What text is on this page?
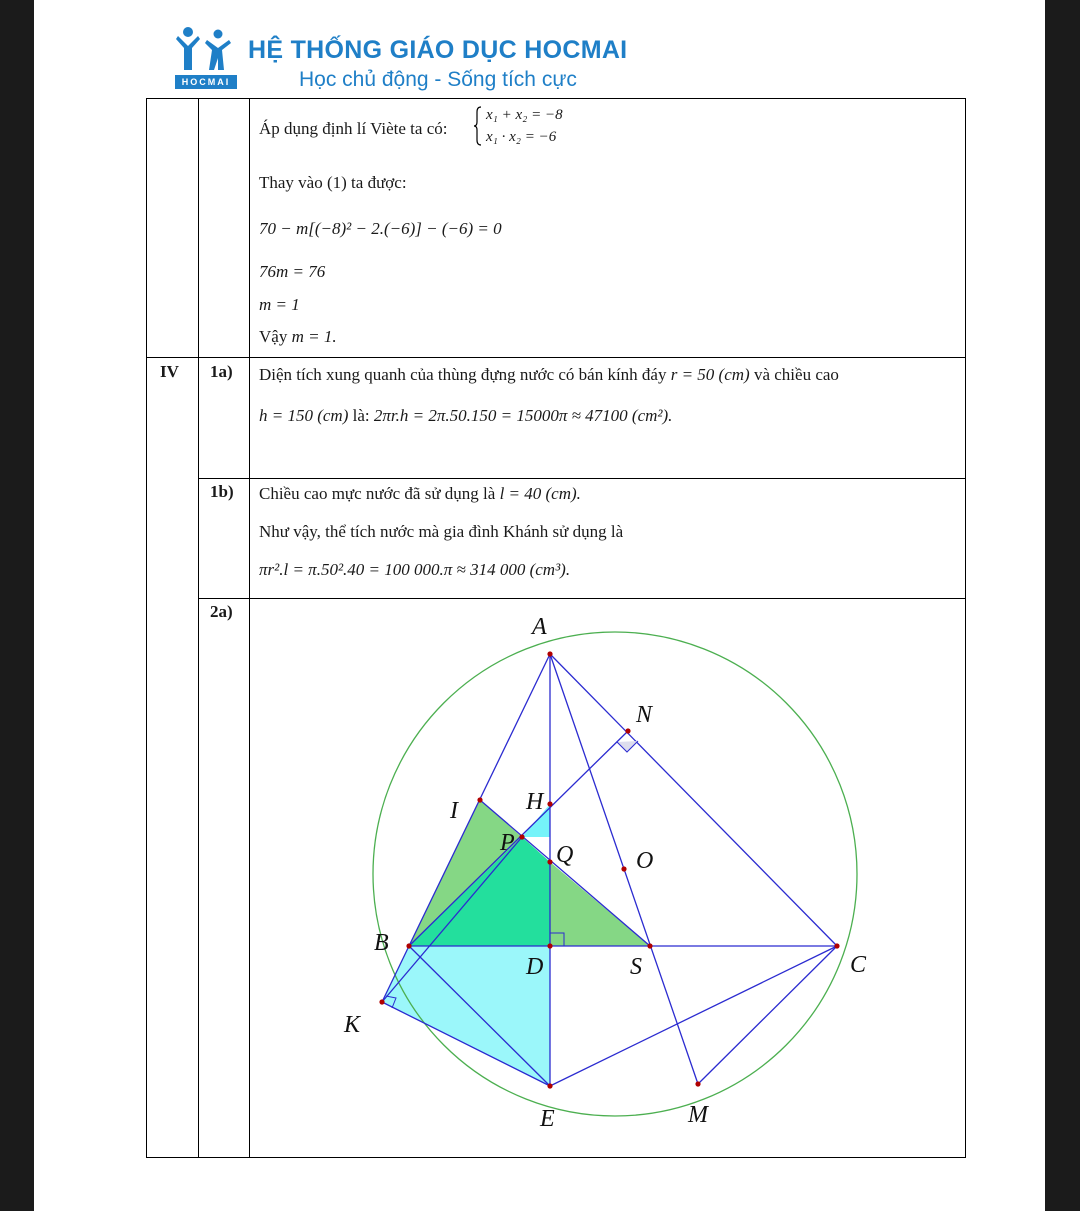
HOCMAI
HỆ THỐNG GIÁO DỤC HOCMAI
Học chủ động - Sống tích cực
Áp dụng định lí Viète ta có:
x₁ + x₂ = −8
x₁ · x₂ = −6
Thay vào (1) ta được:
70 − m[(−8)² − 2.(−6)] − (−6) = 0
76m = 76
m = 1
Vậy m = 1.
IV 1a) Diện tích xung quanh của thùng đựng nước có bán kính đáy r = 50 (cm) và chiều cao
h = 150 (cm) là: 2πr.h = 2π.50.150 = 15000π ≈ 47100 (cm²).
1b) Chiều cao mực nước đã sử dụng là l = 40 (cm).
Như vậy, thể tích nước mà gia đình Khánh sử dụng là
πr².l = π.50².40 = 100 000.π ≈ 314 000 (cm³).
2a)
A
N
I	H
P Q	O
B
D	S	C
K
E	M
